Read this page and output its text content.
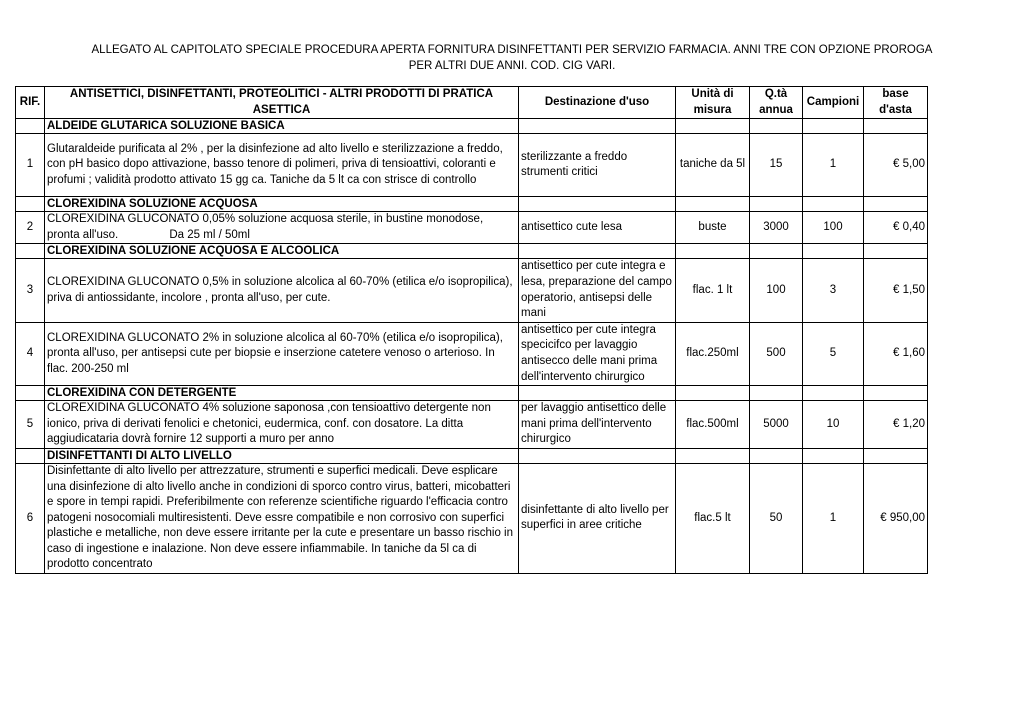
ALLEGATO AL CAPITOLATO SPECIALE PROCEDURA APERTA FORNITURA DISINFETTANTI PER SERVIZIO FARMACIA. ANNI TRE CON OPZIONE PROROGA
PER ALTRI DUE ANNI. COD. CIG VARI.
RIF.	ANTISETTICI, DISINFETTANTI, PROTEOLITICI - ALTRI PRODOTTI DI PRATICA ASETTICA	Destinazione d'uso	Unità di misura	Q.tà annua	Campioni	base d'asta
	ALDEIDE GLUTARICA SOLUZIONE BASICA					
1	Glutaraldeide purificata al 2% , per la disinfezione ad alto livello e sterilizzazione a freddo, con pH basico dopo attivazione, basso tenore di polimeri, priva di tensioattivi, coloranti e profumi ; validità prodotto attivato 15 gg ca. Taniche da 5 lt ca con strisce di controllo	sterilizzante a freddo strumenti critici	taniche da 5l	15	1	€ 5,00
	CLOREXIDINA SOLUZIONE ACQUOSA					
2	CLOREXIDINA GLUCONATO 0,05% soluzione acquosa sterile, in bustine monodose, pronta all'uso.                Da 25 ml / 50ml	antisettico cute lesa	buste	3000	100	€ 0,40
	CLOREXIDINA SOLUZIONE ACQUOSA E ALCOOLICA					
3	CLOREXIDINA GLUCONATO 0,5% in soluzione alcolica al 60-70% (etilica e/o isopropilica), priva di antiossidante, incolore , pronta all'uso, per cute.	antisettico per cute integra e lesa, preparazione del campo operatorio, antisepsi delle mani	flac. 1 lt	100	3	€ 1,50
4	CLOREXIDINA GLUCONATO 2% in soluzione alcolica al 60-70% (etilica e/o isopropilica), pronta all'uso, per antisepsi cute per biopsie e inserzione catetere venoso o arterioso. In flac. 200-250 ml	antisettico per cute integra specicifco per lavaggio antisecco delle mani prima dell'intervento chirurgico	flac.250ml	500	5	€ 1,60
	CLOREXIDINA CON DETERGENTE					
5	CLOREXIDINA GLUCONATO 4% soluzione saponosa ,con tensioattivo detergente non ionico, priva di derivati fenolici e chetonici, eudermica, conf. con dosatore. La ditta aggiudicataria dovrà fornire 12 supporti a muro per anno	per lavaggio antisettico delle mani prima dell'intervento chirurgico	flac.500ml	5000	10	€ 1,20
	DISINFETTANTI DI ALTO LIVELLO					
6	Disinfettante di alto livello per attrezzature, strumenti e superfici medicali. Deve esplicare una disinfezione di alto livello anche in condizioni di sporco contro virus, batteri, micobatteri e spore in tempi rapidi. Preferibilmente con referenze scientifiche riguardo l'efficacia contro patogeni nosocomiali multiresistenti. Deve essre compatibile e non corrosivo con superfici plastiche e metalliche, non deve essere irritante per la cute e presentare un basso rischio in caso di ingestione e inalazione. Non deve essere infiammabile. In taniche da 5l ca di prodotto concentrato	disinfettante di alto livello per superfici in aree critiche	flac.5 lt	50	1	€ 950,00
